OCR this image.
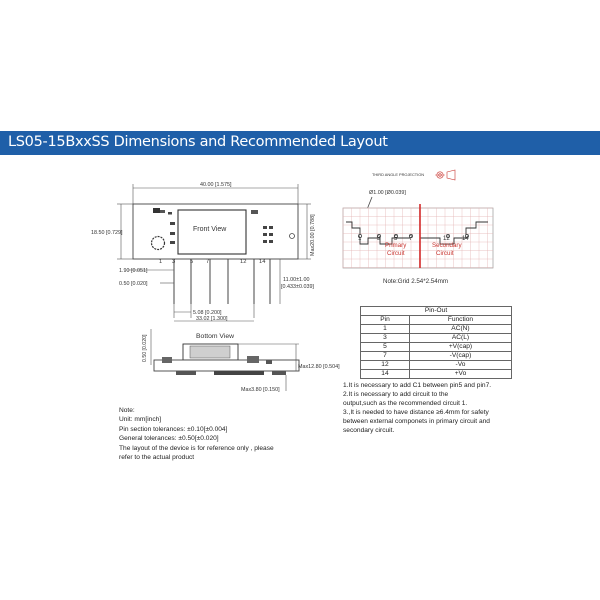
LS05-15BxxSS Dimensions and Recommended Layout
40.00 [1.575]
Front View
18.50 [0.729]	Max20.00 [0.788]
1 3	5 7	12 14
1.90 [0.051]
0.50 [0.020]
11.00±1.00
[0.433±0.039]
5.08 [0.200]
33.02 [1.300]
Bottom View
0.50 [0.020]
Max12.80 [0.504]
Max3.80 [0.150]
THIRD ANGLE PROJECTION
Ø1.00 [Ø0.039]
1	3 5 7	12 14
Primary
Circuit
Secondary
Circuit
Note:Grid 2.54*2.54mm
Pin-Out	
Pin	Function
1	AC(N)
3	AC(L)
5	+V(cap)
7	-V(cap)
12	-Vo
14	+Vo
1.It is necessary to add C1 between pin5 and pin7.
2.It is necessary to add circuit to the
output,such as the recommended circuit 1.
3.,It is needed to have distance ≥6.4mm for safety
between external componets in primary circuit and
secondary circuit.
Note:
Unit: mm[inch]
Pin section tolerances: ±0.10[±0.004]
General tolerances: ±0.50[±0.020]
The layout of the device is for reference only , please
refer to the actual product
